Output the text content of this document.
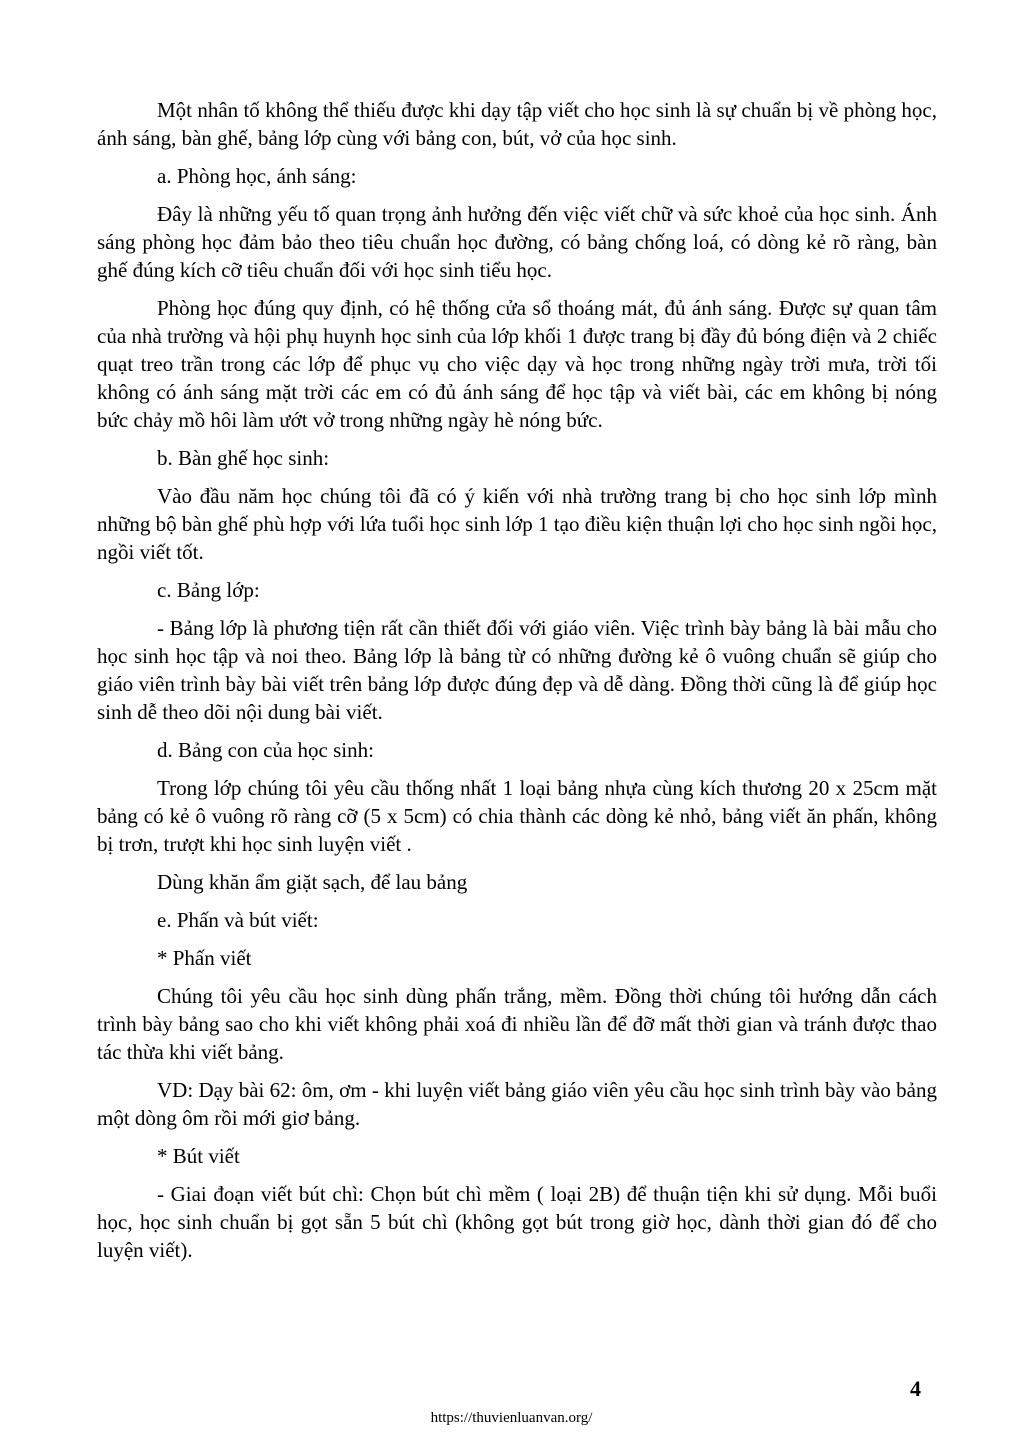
Một nhân tố không thể thiếu được khi dạy tập viết cho học sinh là sự chuẩn bị về phòng học, ánh sáng, bàn ghế, bảng lớp cùng với bảng con, bút, vở của học sinh.

a. Phòng học, ánh sáng:

Đây là những yếu tố quan trọng ảnh hưởng đến việc viết chữ và sức khoẻ của học sinh. Ánh sáng phòng học đảm bảo theo tiêu chuẩn học đường, có bảng chống loá, có dòng kẻ rõ ràng, bàn ghế đúng kích cỡ tiêu chuẩn đối với học sinh tiểu học.

Phòng học đúng quy định, có hệ thống cửa sổ thoáng mát, đủ ánh sáng. Được sự quan tâm của nhà trường và hội phụ huynh học sinh của lớp khối 1 được trang bị đầy đủ bóng điện và 2 chiếc quạt treo trần trong các lớp để phục vụ cho việc dạy và học trong những ngày trời mưa, trời tối không có ánh sáng mặt trời các em có đủ ánh sáng để học tập và viết bài, các em không bị nóng bức chảy mồ hôi làm ướt vở trong những ngày hè nóng bức.

b. Bàn ghế học sinh:

Vào đầu năm học chúng tôi đã có ý kiến với nhà trường trang bị cho học sinh lớp mình những bộ bàn ghế phù hợp với lứa tuổi học sinh lớp 1 tạo điều kiện thuận lợi cho học sinh ngồi học, ngồi viết tốt.

c. Bảng lớp:

- Bảng lớp là phương tiện rất cần thiết đối với giáo viên. Việc trình bày bảng là bài mẫu cho học sinh học tập và noi theo. Bảng lớp là bảng từ có những đường kẻ ô vuông chuẩn sẽ giúp cho giáo viên trình bày bài viết trên bảng lớp được đúng đẹp và dễ dàng. Đồng thời cũng là để giúp học sinh dễ theo dõi nội dung bài viết.

d. Bảng con của học sinh:

Trong lớp chúng tôi yêu cầu thống nhất 1 loại bảng nhựa cùng kích thương 20 x 25cm mặt bảng có kẻ ô vuông rõ ràng cỡ (5 x 5cm) có chia thành các dòng kẻ nhỏ, bảng viết ăn phấn, không bị trơn, trượt khi học sinh luyện viết .

Dùng khăn ẩm giặt sạch, để lau bảng

e. Phấn và bút viết:

* Phấn viết

Chúng tôi yêu cầu học sinh dùng phấn trắng, mềm. Đồng thời chúng tôi hướng dẫn cách trình bày bảng sao cho khi viết không phải xoá đi nhiều lần để đỡ mất thời gian và tránh được thao tác thừa khi viết bảng.

VD: Dạy bài 62: ôm, ơm - khi luyện viết bảng giáo viên yêu cầu học sinh trình bày vào bảng một dòng ôm rồi mới giơ bảng.

* Bút viết

- Giai đoạn viết bút chì: Chọn bút chì mềm ( loại 2B) để thuận tiện khi sử dụng. Mỗi buổi học, học sinh chuẩn bị gọt sẵn 5 bút chì (không gọt bút trong giờ học, dành thời gian đó để cho luyện viết).

4
https://thuvienluanvan.org/
